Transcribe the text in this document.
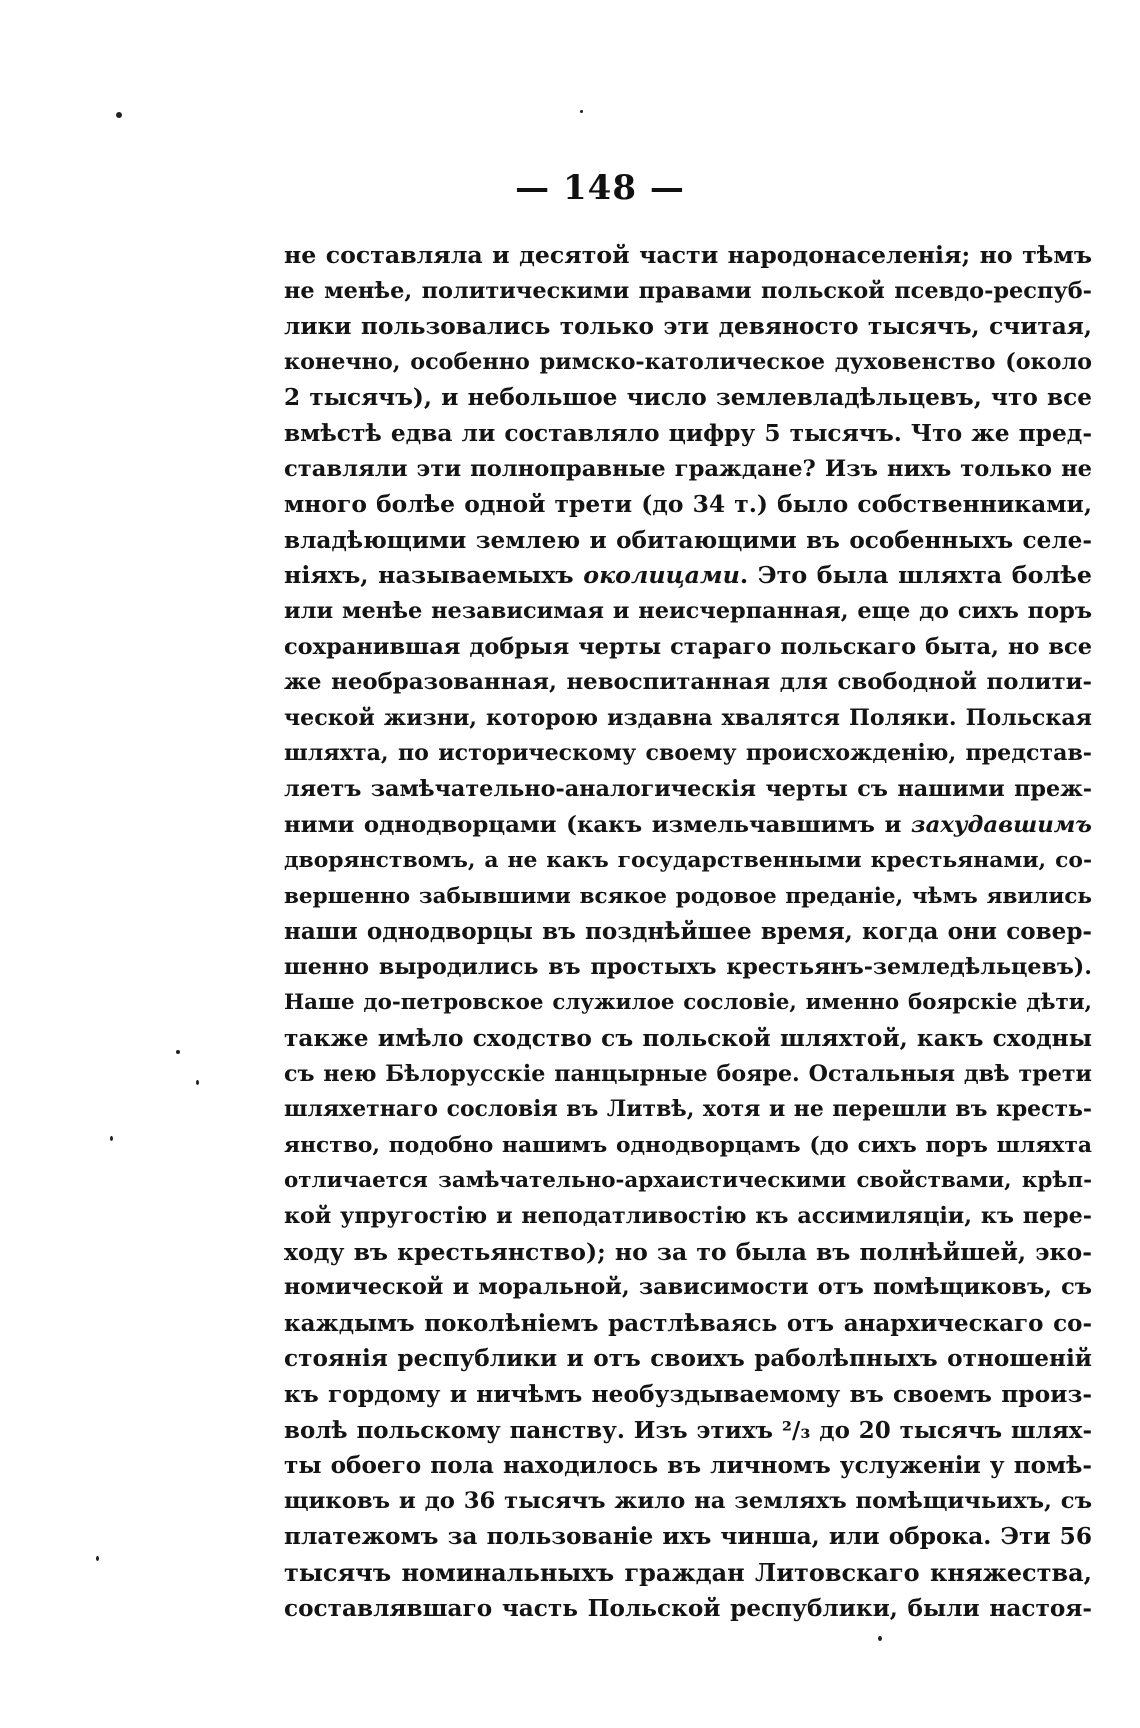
— 148 —
не составляла и десятой части народонаселенія; но тѣмъ
не менѣе, политическими правами польской псевдо-респуб-
лики пользовались только эти девяносто тысячъ, считая,
конечно, особенно римско-католическое духовенство (около
2 тысячъ), и небольшое число землевладѣльцевъ, что все
вмѣстѣ едва ли составляло цифру 5 тысячъ. Что же пред-
ставляли эти полноправные граждане? Изъ нихъ только не
много болѣе одной трети (до 34 т.) было собственниками,
владѣющими землею и обитающими въ особенныхъ селе-
ніяхъ, называемыхъ околицами. Это была шляхта болѣе
или менѣе независимая и неисчерпанная, еще до сихъ поръ
сохранившая добрыя черты стараго польскаго быта, но все
же необразованная, невоспитанная для свободной полити-
ческой жизни, которою издавна хвалятся Поляки. Польская
шляхта, по историческому своему происхожденію, представ-
ляетъ замѣчательно-аналогическія черты съ нашими преж-
ними однодворцами (какъ измельчавшимъ и захудавшимъ
дворянствомъ, а не какъ государственными крестьянами, со-
вершенно забывшими всякое родовое преданіе, чѣмъ явились
наши однодворцы въ позднѣйшее время, когда они совер-
шенно выродились въ простыхъ крестьянъ-земледѣльцевъ).
Наше до-петровское служилое сословіе, именно боярскіе дѣти,
также имѣло сходство съ польской шляхтой, какъ сходны
съ нею Бѣлорусскіе панцырные бояре. Остальныя двѣ трети
шляхетнаго сословія въ Литвѣ, хотя и не перешли въ кресть-
янство, подобно нашимъ однодворцамъ (до сихъ поръ шляхта
отличается замѣчательно-архаистическими свойствами, крѣп-
кой упругостію и неподатливостію къ ассимиляціи, къ пере-
ходу въ крестьянство); но за то была въ полнѣйшей, эко-
номической и моральной, зависимости отъ помѣщиковъ, съ
каждымъ поколѣніемъ растлѣваясь отъ анархическаго со-
стоянія республики и отъ своихъ раболѣпныхъ отношеній
къ гордому и ничѣмъ необуздываемому въ своемъ произ-
волѣ польскому панству. Изъ этихъ ²/₃ до 20 тысячъ шлях-
ты обоего пола находилось въ личномъ услуженіи у помѣ-
щиковъ и до 36 тысячъ жило на земляхъ помѣщичьихъ, съ
платежомъ за пользованіе ихъ чинша, или оброка. Эти 56
тысячъ номинальныхъ граждан Литовскаго княжества,
составлявшаго часть Польской республики, были настоя-
